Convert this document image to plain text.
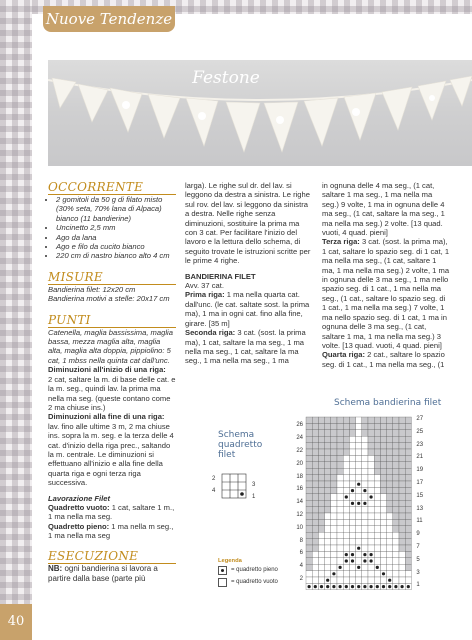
Nuove Tendenze
Festone

OCCORRENTE

• 2 gomitoli da 50 g di filato misto (30% seta, 70% lana di Alpaca) bianco (11 bandierine)
• Uncinetto 2,5 mm
• Ago da lana
• Ago e filo da cucito bianco
• 220 cm di nastro bianco alto 4 cm

MISURE

Bandierina filet: 12x20 cm

Bandierina motivi a stelle: 20x17 cm

PUNTI

Catenella, maglia bassissima, maglia bassa, mezza maglia alta, maglia alta, maglia alta doppia, pippiolino: 5 cat, 1 mbss nella quinta cat dall'unc.

Diminuzioni all'inizio di una riga:

2 cat, saltare la m. di base delle cat. e la m. seg., quindi lav. la prima ma nella ma seg. (queste contano come 2 ma chiuse ins.)

Diminuzioni alla fine di una riga:

lav. fino alle ultime 3 m, 2 ma chiuse ins. sopra la m. seg. e la terza delle 4 cat. d'inizio della riga prec., saltando la m. centrale. Le diminuzioni si effettuano all'inizio e alla fine della quarta riga e ogni terza riga successiva.

Lavorazione Filet

Quadretto vuoto: 1 cat, saltare 1 m., 1 ma nella ma seg.

Quadretto pieno: 1 ma nella m seg., 1 ma nella ma seg

ESECUZIONE

NB: ogni bandierina si lavora a partire dalla base (parte più

larga). Le righe sul dr. del lav. si leggono da destra a sinistra. Le righe sul rov. del lav. si leggono da sinistra a destra. Nelle righe senza diminuzioni, sostituire la prima ma con 3 cat. Per facilitare l'inizio del lavoro e la lettura dello schema, di seguito trovate le istruzioni scritte per le prime 4 righe.

BANDIERINA FILET

Avv. 37 cat.

Prima riga: 1 ma nella quarta cat. dall'unc. (le cat. saltate sost. la prima ma), 1 ma in ogni cat. fino alla fine, girare. [35 m]

Seconda riga: 3 cat. (sost. la prima ma), 1 cat, saltare la ma seg., 1 ma nella ma seg., 1 cat, saltare la ma seg., 1 ma nella ma seg., 1 ma

in ognuna delle 4 ma seg., (1 cat, saltare 1 ma seg., 1 ma nella ma seg.) 9 volte, 1 ma in ognuna delle 4 ma seg., (1 cat, saltare la ma seg., 1 ma nella ma seg.) 2 volte. [13 quad. vuoti, 4 quad. pieni]

Terza riga: 3 cat. (sost. la prima ma), 1 cat, saltare lo spazio seg. di 1 cat, 1 ma nella ma seg., (1 cat, saltare 1 ma, 1 ma nella ma seg.) 2 volte, 1 ma in ognuna delle 3 ma seg., 1 ma nello spazio seg. di 1 cat., 1 ma nella ma seg., (1 cat., saltare lo spazio seg. di 1 cat., 1 ma nella ma seg.) 7 volte, 1 ma nello spazio seg. di 1 cat, 1 ma in ognuna delle 3 ma seg., (1 cat, saltare 1 ma, 1 ma nella ma seg.) 3 volte. [13 quad. vuoti, 4 quad. pieni]

Quarta riga: 2 cat., saltare lo spazio seg. di 1 cat., 1 ma nella ma seg., (1

Schema
quadretto
filet
2
4
3
1
Schema bandierina filet
26
24
22
20
18
16
14
12
10
8
6
4
2
27
25
23
21
19
17
15
13
11
9
7
5
3
1
Legenda
= quadretto pieno
= quadretto vuoto
40
